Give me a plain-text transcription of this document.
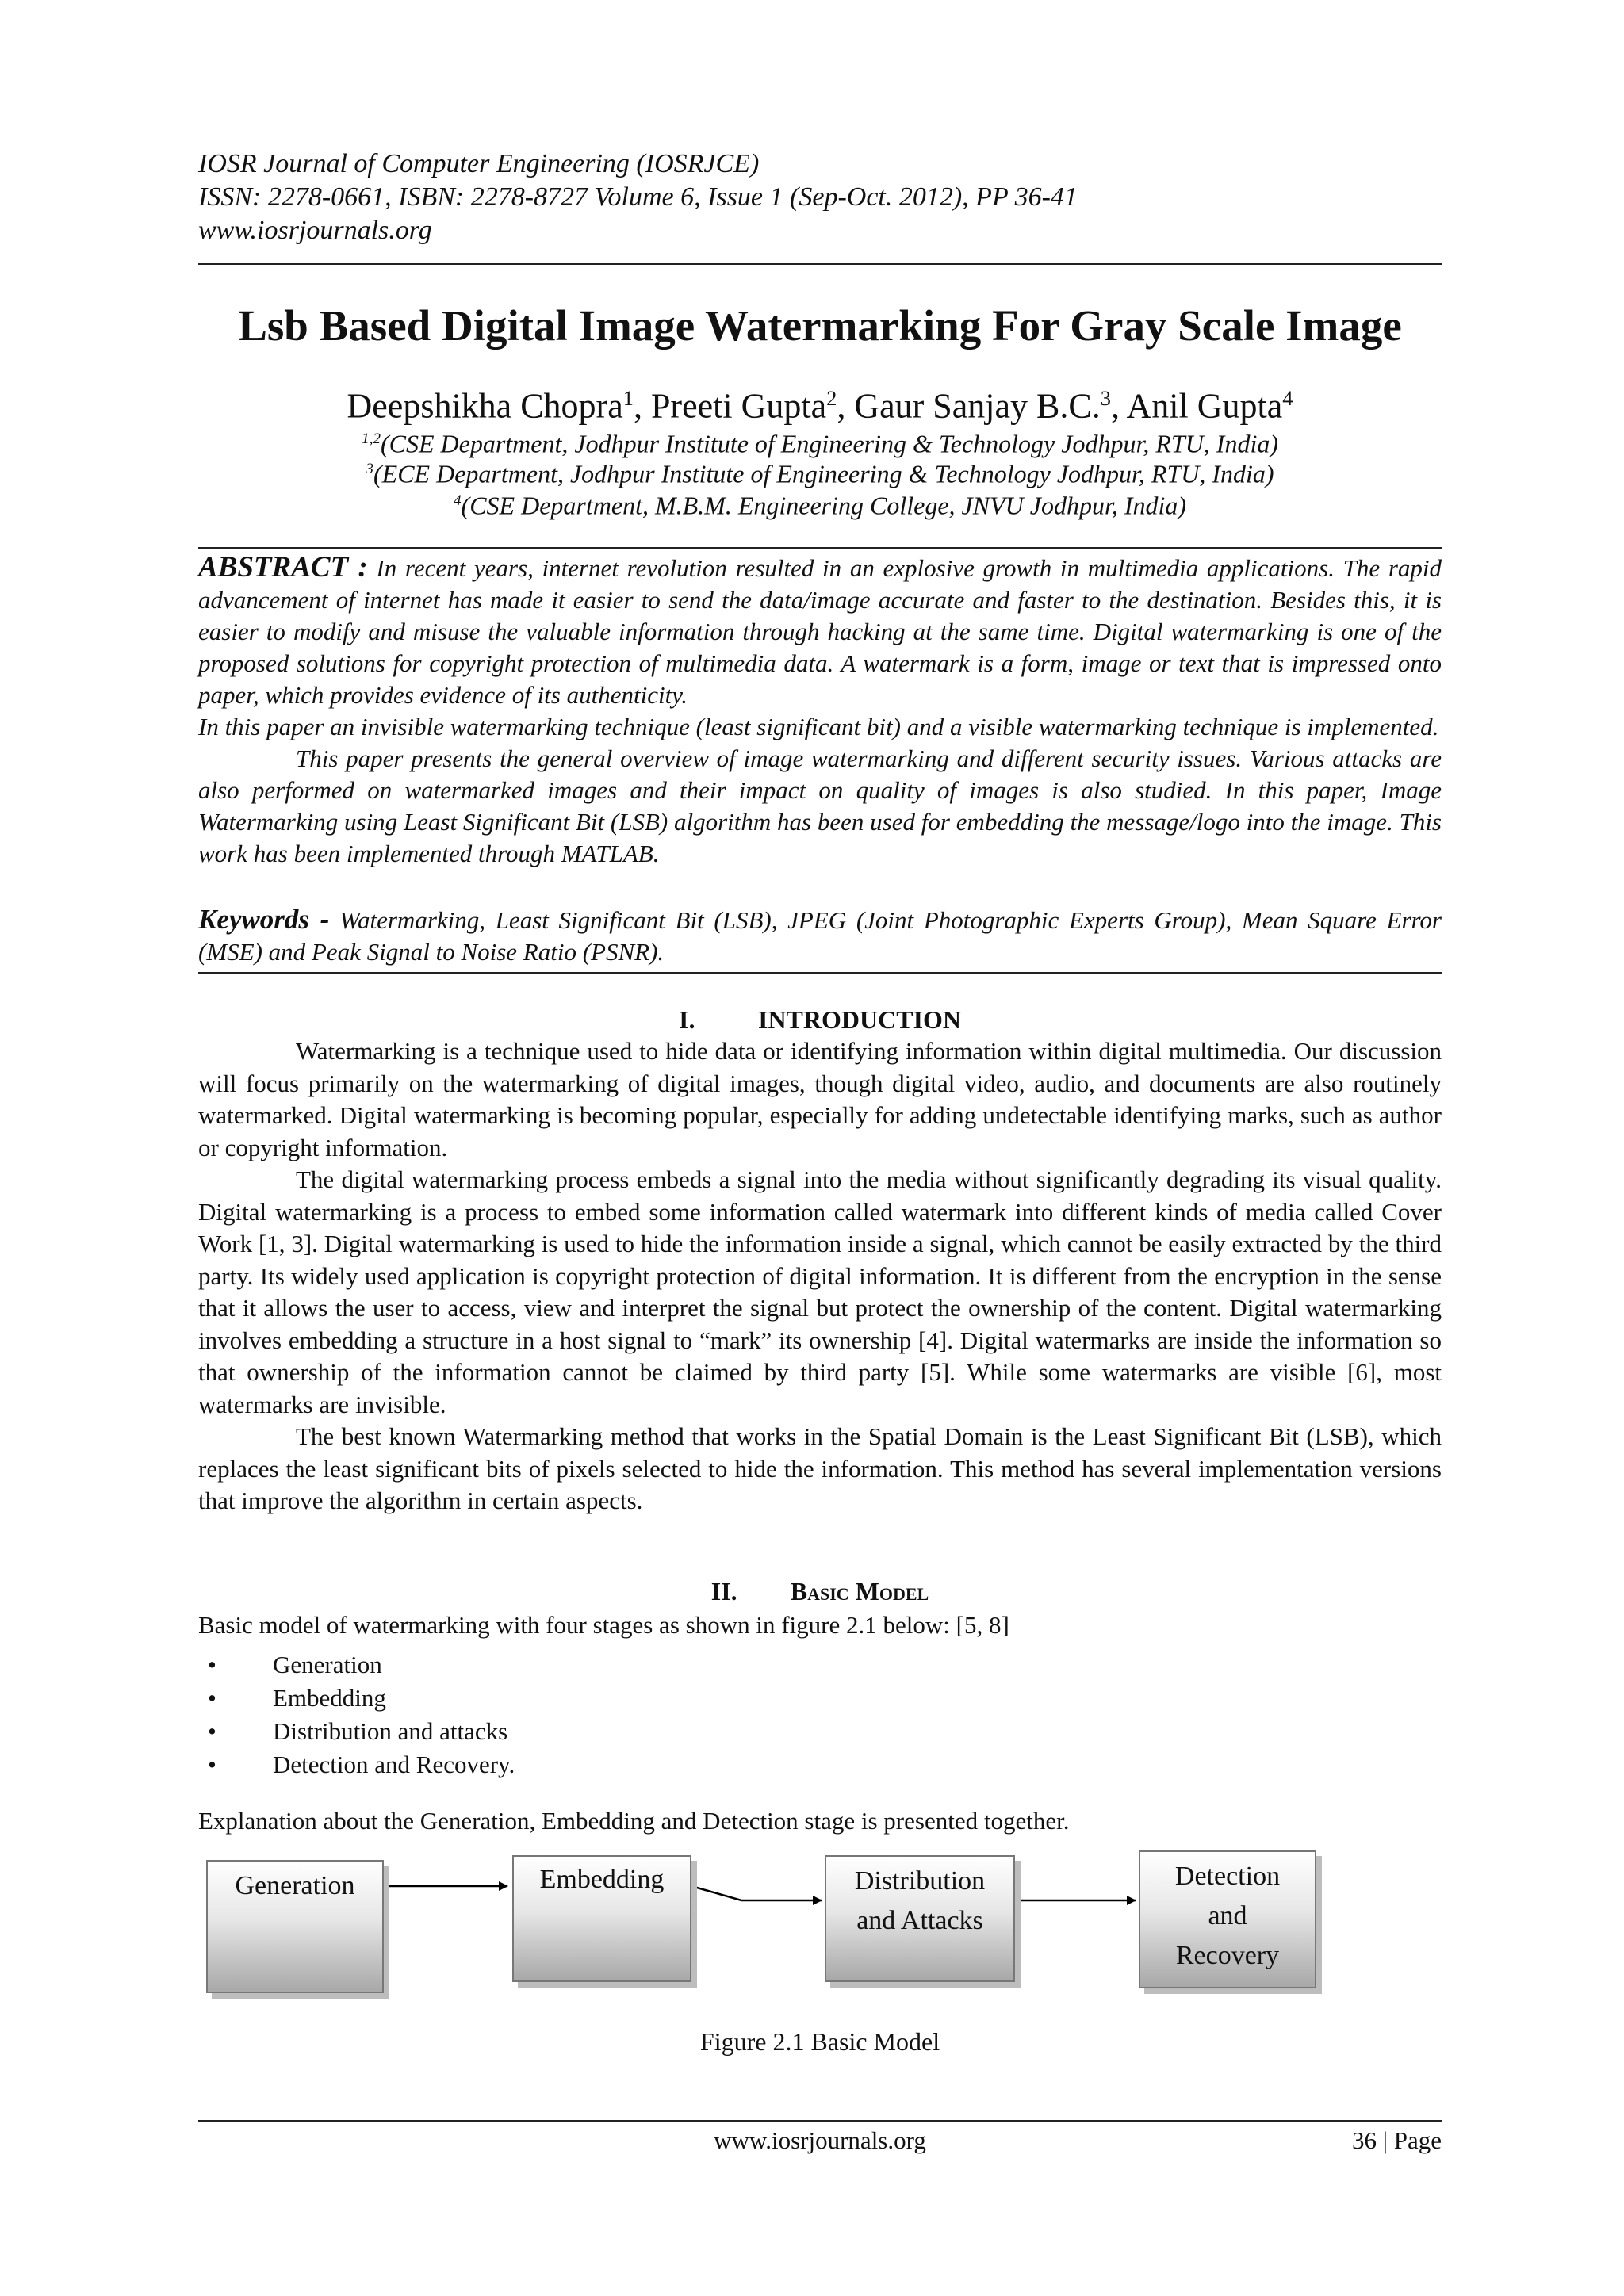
IOSR Journal of Computer Engineering (IOSRJCE)
ISSN: 2278-0661, ISBN: 2278-8727 Volume 6, Issue 1 (Sep-Oct. 2012), PP 36-41
www.iosrjournals.org
Lsb Based Digital Image Watermarking For Gray Scale Image
Deepshikha Chopra$^1$, Preeti Gupta$^2$, Gaur Sanjay B.C.$^3$, Anil Gupta$^4$
$^{1,2}$(CSE Department, Jodhpur Institute of Engineering & Technology Jodhpur, RTU, India)
$^3$(ECE Department, Jodhpur Institute of Engineering & Technology Jodhpur, RTU, India)
$^4$(CSE Department, M.B.M. Engineering College, JNVU Jodhpur, India)

ABSTRACT : In recent years, internet revolution resulted in an explosive growth in multimedia applications. The rapid advancement of internet has made it easier to send the data/image accurate and faster to the destination. Besides this, it is easier to modify and misuse the valuable information through hacking at the same time. Digital watermarking is one of the proposed solutions for copyright protection of multimedia data. A watermark is a form, image or text that is impressed onto paper, which provides evidence of its authenticity.

In this paper an invisible watermarking technique (least significant bit) and a visible watermarking technique is implemented.

This paper presents the general overview of image watermarking and different security issues. Various attacks are also performed on watermarked images and their impact on quality of images is also studied. In this paper, Image Watermarking using Least Significant Bit (LSB) algorithm has been used for embedding the message/logo into the image. This work has been implemented through MATLAB.

Keywords - Watermarking, Least Significant Bit (LSB), JPEG (Joint Photographic Experts Group), Mean Square Error (MSE) and Peak Signal to Noise Ratio (PSNR).
I. INTRODUCTION

Watermarking is a technique used to hide data or identifying information within digital multimedia. Our discussion will focus primarily on the watermarking of digital images, though digital video, audio, and documents are also routinely watermarked. Digital watermarking is becoming popular, especially for adding undetectable identifying marks, such as author or copyright information.

The digital watermarking process embeds a signal into the media without significantly degrading its visual quality. Digital watermarking is a process to embed some information called watermark into different kinds of media called Cover Work [1, 3]. Digital watermarking is used to hide the information inside a signal, which cannot be easily extracted by the third party. Its widely used application is copyright protection of digital information. It is different from the encryption in the sense that it allows the user to access, view and interpret the signal but protect the ownership of the content. Digital watermarking involves embedding a structure in a host signal to “mark” its ownership [4]. Digital watermarks are inside the information so that ownership of the information cannot be claimed by third party [5]. While some watermarks are visible [6], most watermarks are invisible.

The best known Watermarking method that works in the Spatial Domain is the Least Significant Bit (LSB), which replaces the least significant bits of pixels selected to hide the information. This method has several implementation versions that improve the algorithm in certain aspects.

II. Basic Model
Basic model of watermarking with four stages as shown in figure 2.1 below: [5, 8]
• Generation
• Embedding
• Distribution and attacks
• Detection and Recovery.
Explanation about the Generation, Embedding and Detection stage is presented together.
Generation	Embedding	Distribution
and Attacks
Detection
and
Recovery
Figure 2.1 Basic Model
www.iosrjournals.org	36 | Page
